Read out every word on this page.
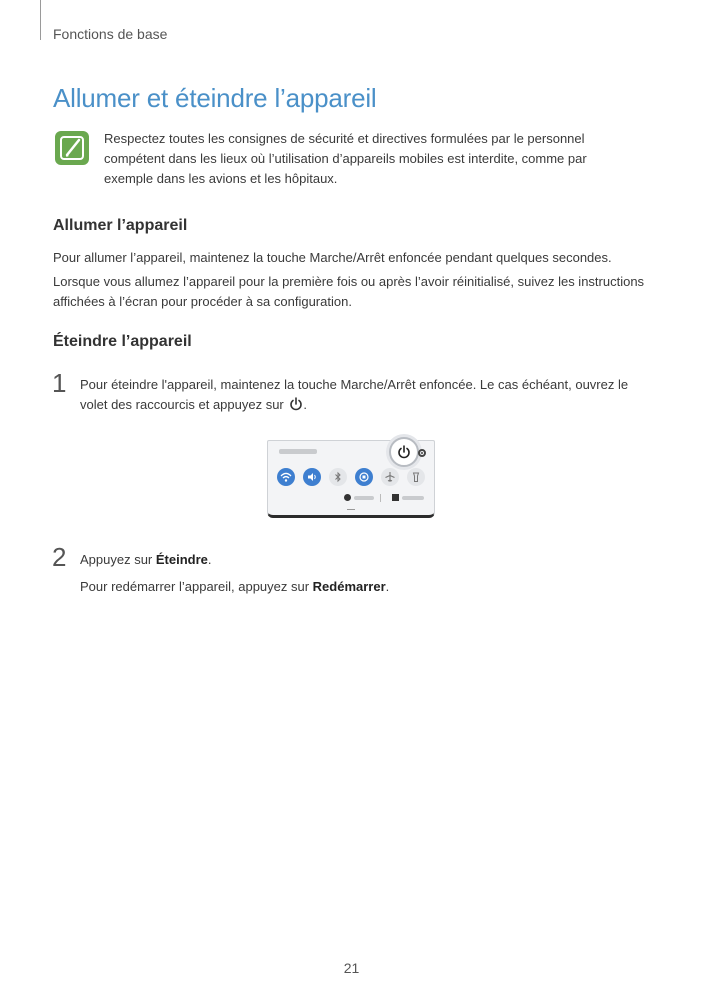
Fonctions de base
Allumer et éteindre l’appareil
Respectez toutes les consignes de sécurité et directives formulées par le personnel compétent dans les lieux où l’utilisation d’appareils mobiles est interdite, comme par exemple dans les avions et les hôpitaux.
Allumer l’appareil

Pour allumer l’appareil, maintenez la touche Marche/Arrêt enfoncée pendant quelques secondes.

Lorsque vous allumez l’appareil pour la première fois ou après l’avoir réinitialisé, suivez les instructions affichées à l’écran pour procéder à sa configuration.

Éteindre l’appareil
1 Pour éteindre l'appareil, maintenez la touche Marche/Arrêt enfoncée. Le cas échéant, ouvrez le volet des raccourcis et appuyez sur .
2 Appuyez sur Éteindre.
Pour redémarrer l’appareil, appuyez sur Redémarrer.
21
